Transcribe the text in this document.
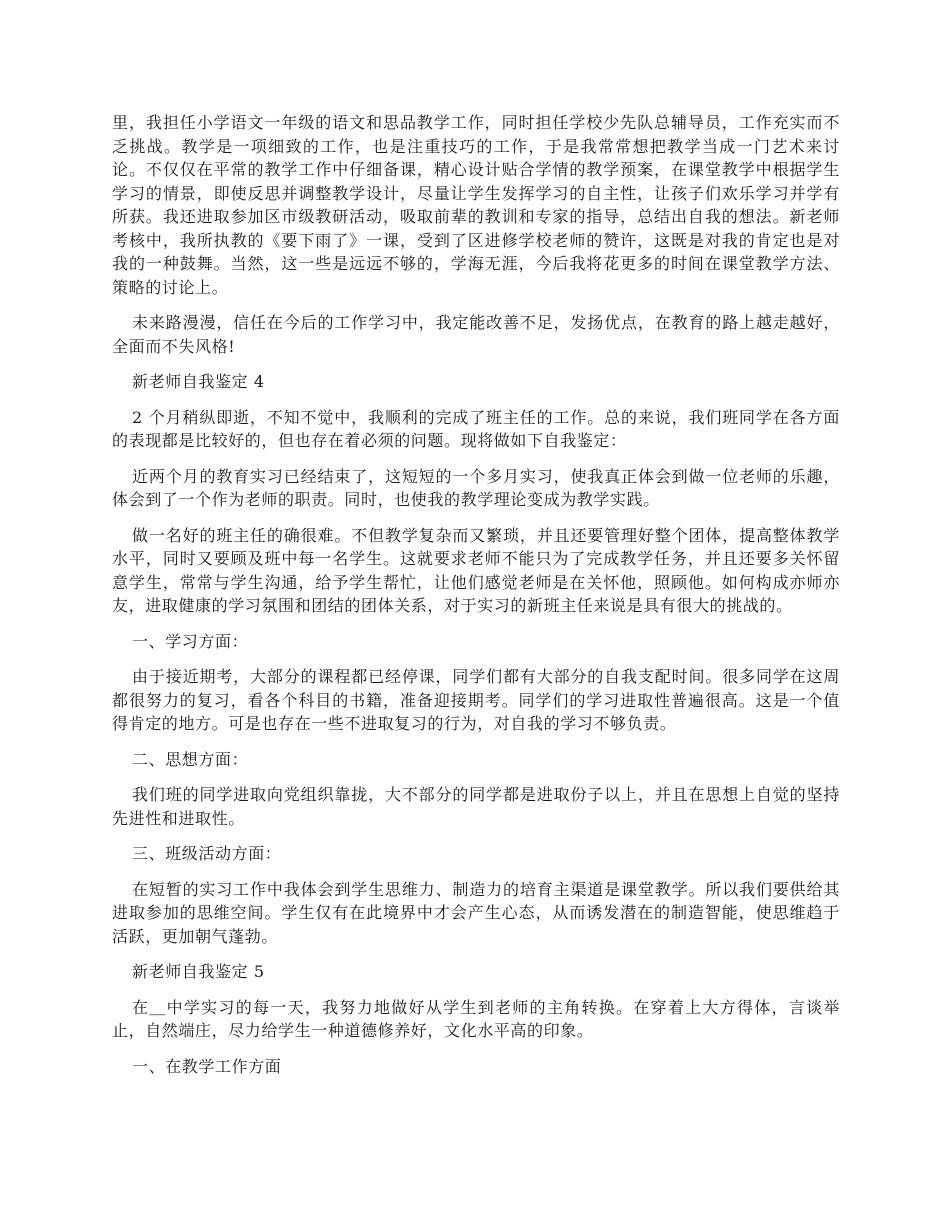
里，我担任小学语文一年级的语文和思品教学工作，同时担任学校少先队总辅导员，工作充实而不乏挑战。教学是一项细致的工作，也是注重技巧的工作，于是我常常想把教学当成一门艺术来讨论。不仅仅在平常的教学工作中仔细备课，精心设计贴合学情的教学预案，在课堂教学中根据学生学习的情景，即使反思并调整教学设计，尽量让学生发挥学习的自主性，让孩子们欢乐学习并学有所获。我还进取参加区市级教研活动，吸取前辈的教训和专家的指导，总结出自我的想法。新老师考核中，我所执教的《要下雨了》一课，受到了区进修学校老师的赞许，这既是对我的肯定也是对我的一种鼓舞。当然，这一些是远远不够的，学海无涯，今后我将花更多的时间在课堂教学方法、策略的讨论上。

未来路漫漫，信任在今后的工作学习中，我定能改善不足，发扬优点，在教育的路上越走越好，全面而不失风格!

新老师自我鉴定 4

2 个月稍纵即逝，不知不觉中，我顺利的完成了班主任的工作。总的来说，我们班同学在各方面的表现都是比较好的，但也存在着必须的问题。现将做如下自我鉴定：

近两个月的教育实习已经结束了，这短短的一个多月实习，使我真正体会到做一位老师的乐趣，体会到了一个作为老师的职责。同时，也使我的教学理论变成为教学实践。

做一名好的班主任的确很难。不但教学复杂而又繁琐，并且还要管理好整个团体，提高整体教学水平，同时又要顾及班中每一名学生。这就要求老师不能只为了完成教学任务，并且还要多关怀留意学生，常常与学生沟通，给予学生帮忙，让他们感觉老师是在关怀他，照顾他。如何构成亦师亦友，进取健康的学习氛围和团结的团体关系，对于实习的新班主任来说是具有很大的挑战的。

一、学习方面：

由于接近期考，大部分的课程都已经停课，同学们都有大部分的自我支配时间。很多同学在这周都很努力的复习，看各个科目的书籍，准备迎接期考。同学们的学习进取性普遍很高。这是一个值得肯定的地方。可是也存在一些不进取复习的行为，对自我的学习不够负责。

二、思想方面：

我们班的同学进取向党组织靠拢，大不部分的同学都是进取份子以上，并且在思想上自觉的坚持先进性和进取性。

三、班级活动方面：

在短暂的实习工作中我体会到学生思维力、制造力的培育主渠道是课堂教学。所以我们要供给其进取参加的思维空间。学生仅有在此境界中才会产生心态，从而诱发潜在的制造智能，使思维趋于活跃，更加朝气蓬勃。

新老师自我鉴定 5

在＿中学实习的每一天，我努力地做好从学生到老师的主角转换。在穿着上大方得体，言谈举止，自然端庄，尽力给学生一种道德修养好，文化水平高的印象。

一、在教学工作方面
